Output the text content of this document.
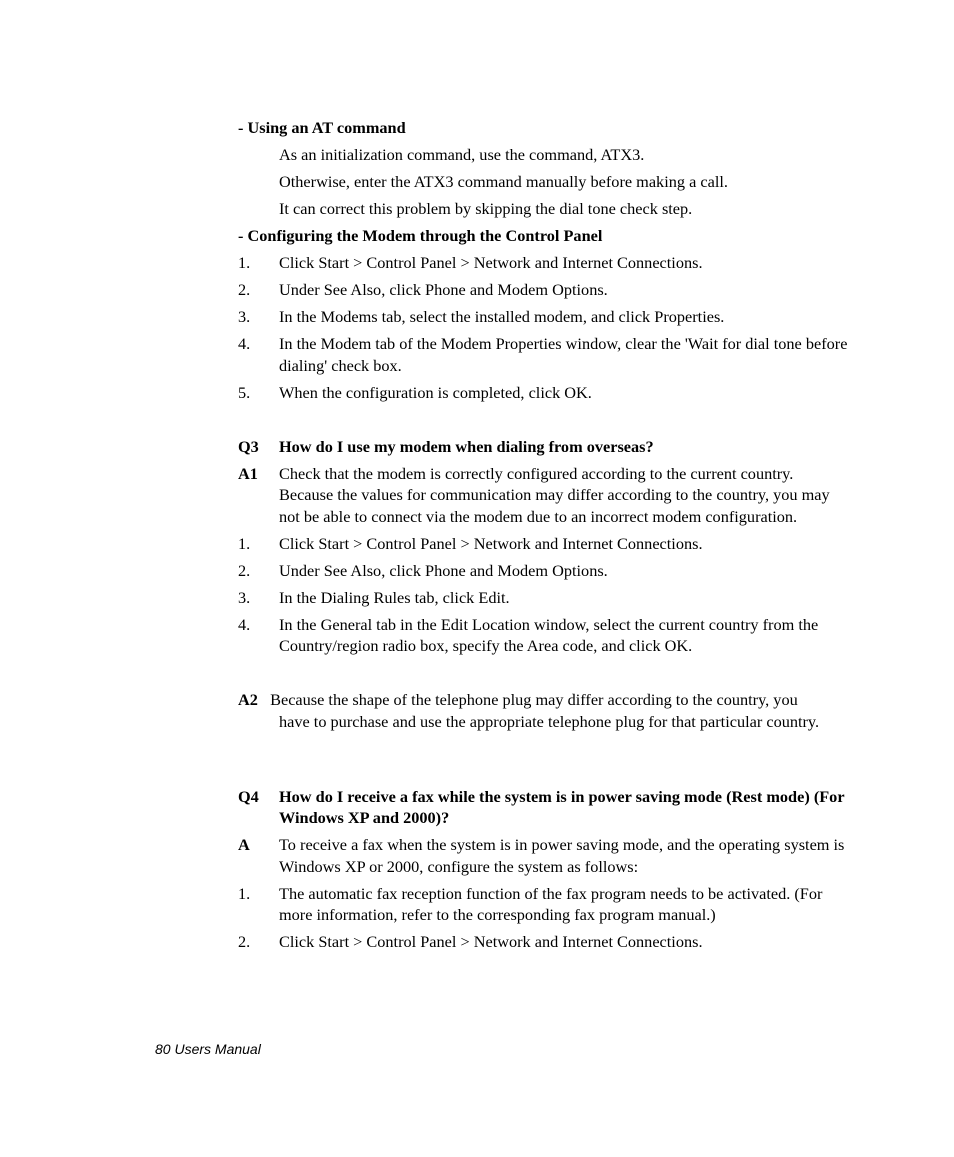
- Using an AT command
As an initialization command, use the command, ATX3.
Otherwise, enter the ATX3 command manually before making a call.
It can correct this problem by skipping the dial tone check step.
- Configuring the Modem through the Control Panel
1. Click Start > Control Panel > Network and Internet Connections.
2. Under See Also, click Phone and Modem Options.
3. In the Modems tab, select the installed modem, and click Properties.
4. In the Modem tab of the Modem Properties window, clear the 'Wait for dial tone before dialing' check box.
5. When the configuration is completed, click OK.
Q3 How do I use my modem when dialing from overseas?
A1 Check that the modem is correctly configured according to the current country. Because the values for communication may differ according to the country, you may not be able to connect via the modem due to an incorrect modem configuration.
1. Click Start > Control Panel > Network and Internet Connections.
2. Under See Also, click Phone and Modem Options.
3. In the Dialing Rules tab, click Edit.
4. In the General tab in the Edit Location window, select the current country from the Country/region radio box, specify the Area code, and click OK.
A2 Because the shape of the telephone plug may differ according to the country, you
have to purchase and use the appropriate telephone plug for that particular country.
Q4 How do I receive a fax while the system is in power saving mode (Rest mode) (For Windows XP and 2000)?
A To receive a fax when the system is in power saving mode, and the operating system is Windows XP or 2000, configure the system as follows:
1. The automatic fax reception function of the fax program needs to be activated. (For more information, refer to the corresponding fax program manual.)
2. Click Start > Control Panel > Network and Internet Connections.
80 Users Manual
